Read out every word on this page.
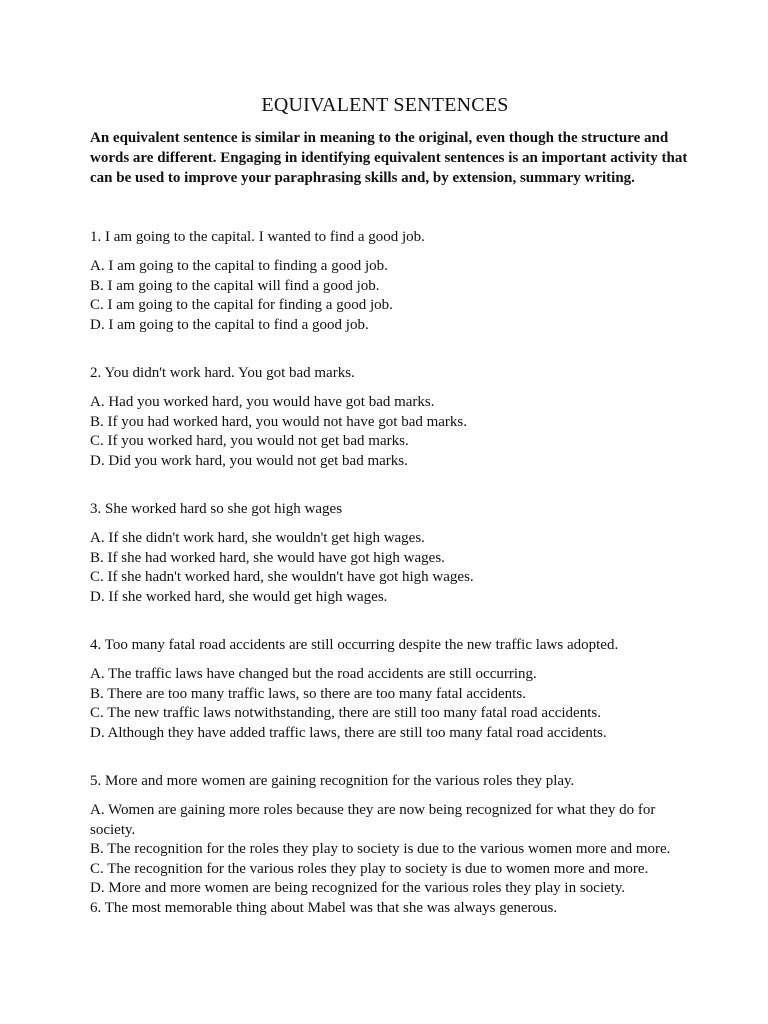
EQUIVALENT SENTENCES

An equivalent sentence is similar in meaning to the original, even though the structure and words are different. Engaging in identifying equivalent sentences is an important activity that can be used to improve your paraphrasing skills and, by extension, summary writing.

1. I am going to the capital. I wanted to find a good job.

A. I am going to the capital to finding a good job.
B. I am going to the capital will find a good job.
C. I am going to the capital for finding a good job.
D. I am going to the capital to find a good job.

2. You didn't work hard. You got bad marks.

A. Had you worked hard, you would have got bad marks.
B. If you had worked hard, you would not have got bad marks.
C. If you worked hard, you would not get bad marks.
D. Did you work hard, you would not get bad marks.

3. She worked hard so she got high wages

A. If she didn't work hard, she wouldn't get high wages.
B. If she had worked hard, she would have got high wages.
C. If she hadn't worked hard, she wouldn't have got high wages.
D. If she worked hard, she would get high wages.

4. Too many fatal road accidents are still occurring despite the new traffic laws adopted.

A. The traffic laws have changed but the road accidents are still occurring.
B. There are too many traffic laws, so there are too many fatal accidents.
C. The new traffic laws notwithstanding, there are still too many fatal road accidents.
D. Although they have added traffic laws, there are still too many fatal road accidents.

5. More and more women are gaining recognition for the various roles they play.

A. Women are gaining more roles because they are now being recognized for what they do for society.
B. The recognition for the roles they play to society is due to the various women more and more.
C. The recognition for the various roles they play to society is due to women more and more.
D. More and more women are being recognized for the various roles they play in society.

6. The most memorable thing about Mabel was that she was always generous.
